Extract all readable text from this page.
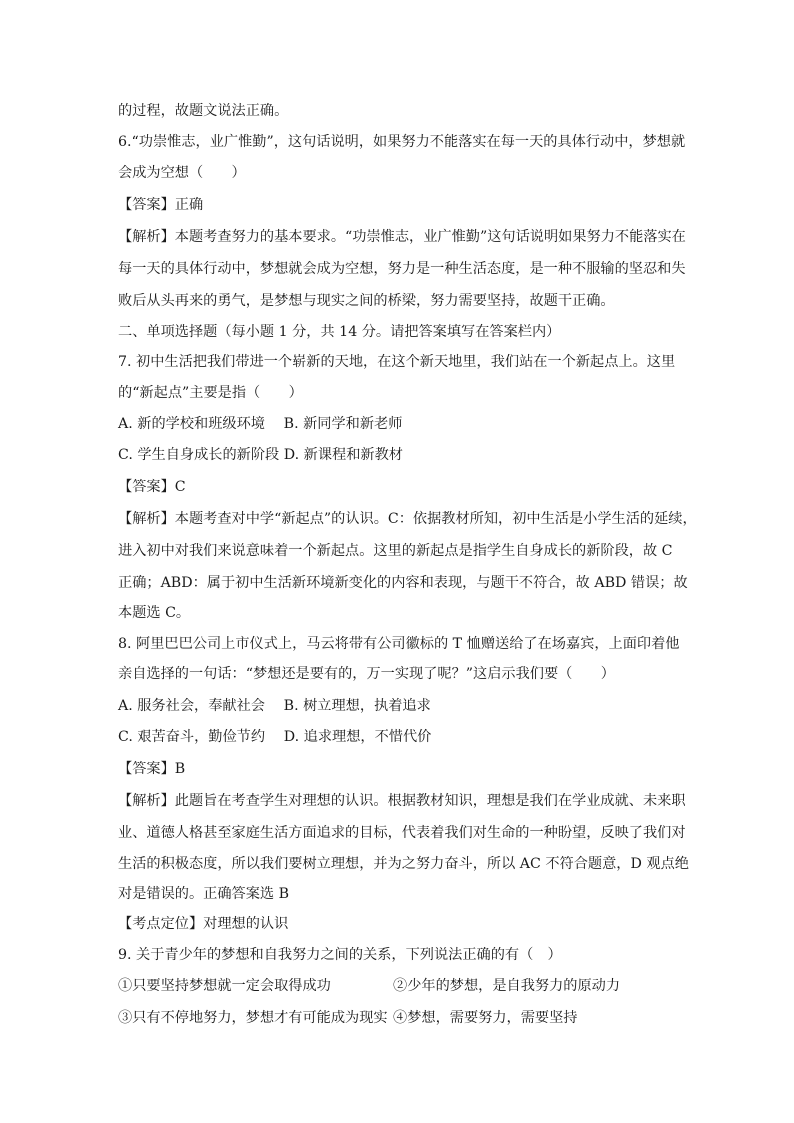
的过程，故题文说法正确。
6.“功崇惟志，业广惟勤”，这句话说明，如果努力不能落实在每一天的具体行动中，梦想就
会成为空想（　　）
【答案】正确
【解析】本题考查努力的基本要求。“功崇惟志，业广惟勤”这句话说明如果努力不能落实在
每一天的具体行动中，梦想就会成为空想，努力是一种生活态度，是一种不服输的坚忍和失
败后从头再来的勇气，是梦想与现实之间的桥梁，努力需要坚持，故题干正确。
二、单项选择题（每小题 1 分，共 14 分。请把答案填写在答案栏内）
7. 初中生活把我们带进一个崭新的天地，在这个新天地里，我们站在一个新起点上。这里
的“新起点”主要是指（　　）
A. 新的学校和班级环境　 B. 新同学和新老师
C. 学生自身成长的新阶段 D. 新课程和新教材
【答案】C
【解析】本题考查对中学“新起点”的认识。C：依据教材所知，初中生活是小学生活的延续，
进入初中对我们来说意味着一个新起点。这里的新起点是指学生自身成长的新阶段，故 C
正确；ABD：属于初中生活新环境新变化的内容和表现，与题干不符合，故 ABD 错误；故
本题选 C。
8. 阿里巴巴公司上市仪式上，马云将带有公司徽标的 T 恤赠送给了在场嘉宾，上面印着他
亲自选择的一句话：“梦想还是要有的，万一实现了呢？”这启示我们要（　　）
A. 服务社会，奉献社会　 B. 树立理想，执着追求
C. 艰苦奋斗，勤俭节约　 D. 追求理想，不惜代价
【答案】B
【解析】此题旨在考查学生对理想的认识。根据教材知识，理想是我们在学业成就、未来职
业、道德人格甚至家庭生活方面追求的目标，代表着我们对生命的一种盼望，反映了我们对
生活的积极态度，所以我们要树立理想，并为之努力奋斗，所以 AC 不符合题意，D 观点绝
对是错误的。正确答案选 B
【考点定位】对理想的认识
9. 关于青少年的梦想和自我努力之间的关系，下列说法正确的有（　）
①只要坚持梦想就一定会取得成功	②少年的梦想，是自我努力的原动力
③只有不停地努力，梦想才有可能成为现实 ④梦想，需要努力，需要坚持
